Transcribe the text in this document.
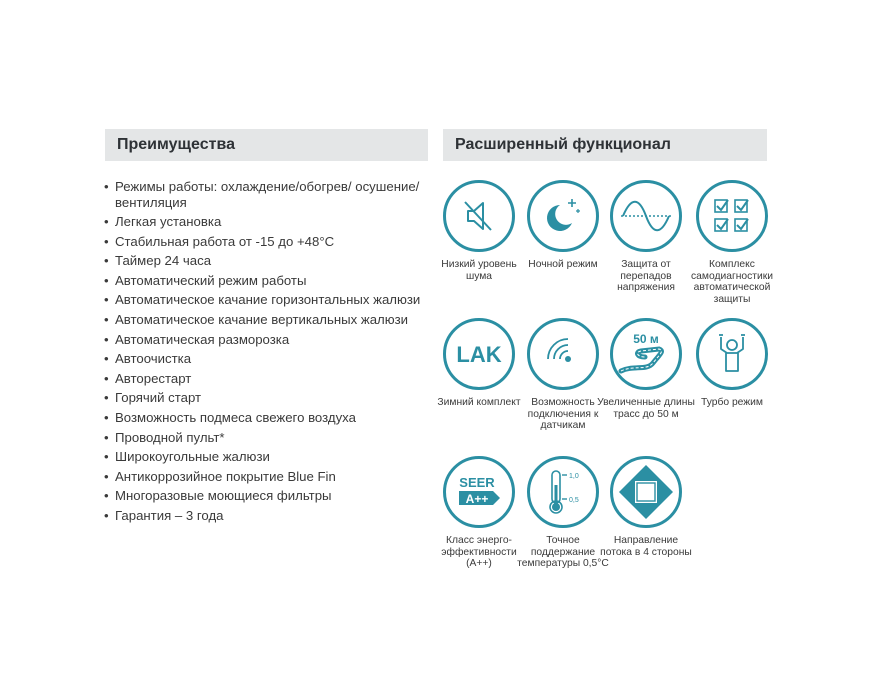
Преимущества	Расширенный функционал
• Режимы работы: охлаждение/обогрев/ осушение/вентиляция
• Легкая установка
• Стабильная работа от -15 до +48°C
• Таймер 24 часа
• Автоматический режим работы
• Автоматическое качание горизонтальных жалюзи
• Автоматическое качание вертикальных жалюзи
• Автоматическая разморозка
• Автоочистка
• Авторестарт
• Горячий старт
• Возможность подмеса свежего воздуха
• Проводной пульт*
• Широкоугольные жалюзи
• Антикоррозийное покрытие Blue Fin
• Многоразовые моющиеся фильтры
• Гарантия – 3 года
Низкий уровень шума
Ночной режим	Защита от перепадов напряжения
Комплекс самодиагностики автоматической защиты
LAK
Зимний комплект	Возможность подключения к датчикам
50 м
Увеличенные длины трасс до 50 м
Турбо режим
SEER
A++
Класс энерго-эффективности (A++)
1,0
0,5
Точное поддержание температуры 0,5°C
Направление потока в 4 стороны
